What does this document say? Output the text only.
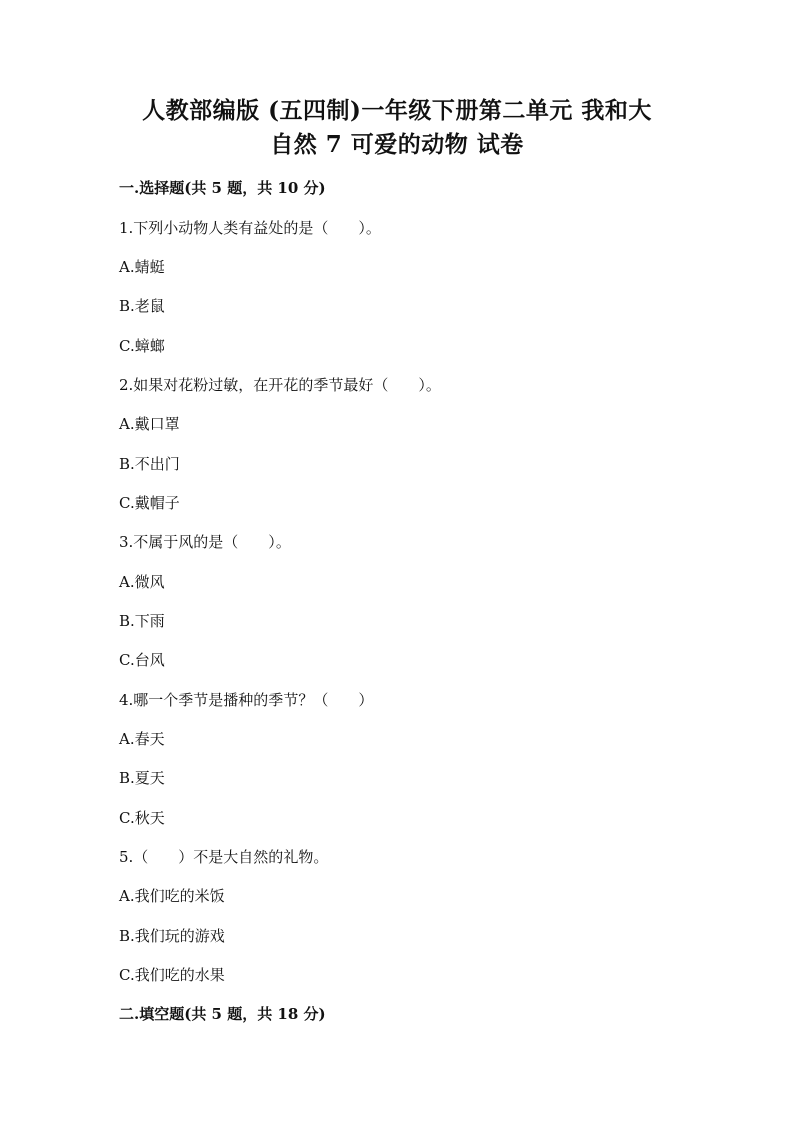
人教部编版 (五四制)一年级下册第二单元 我和大
自然 7 可爱的动物 试卷
一.选择题(共 5 题，共 10 分)
1.下列小动物人类有益处的是（　　）。
A.蜻蜓
B.老鼠
C.蟑螂
2.如果对花粉过敏，在开花的季节最好（　　）。
A.戴口罩
B.不出门
C.戴帽子
3.不属于风的是（　　）。
A.微风
B.下雨
C.台风
4.哪一个季节是播种的季节？（　　）
A.春天
B.夏天
C.秋天
5.（　　）不是大自然的礼物。
A.我们吃的米饭
B.我们玩的游戏
C.我们吃的水果
二.填空题(共 5 题，共 18 分)
